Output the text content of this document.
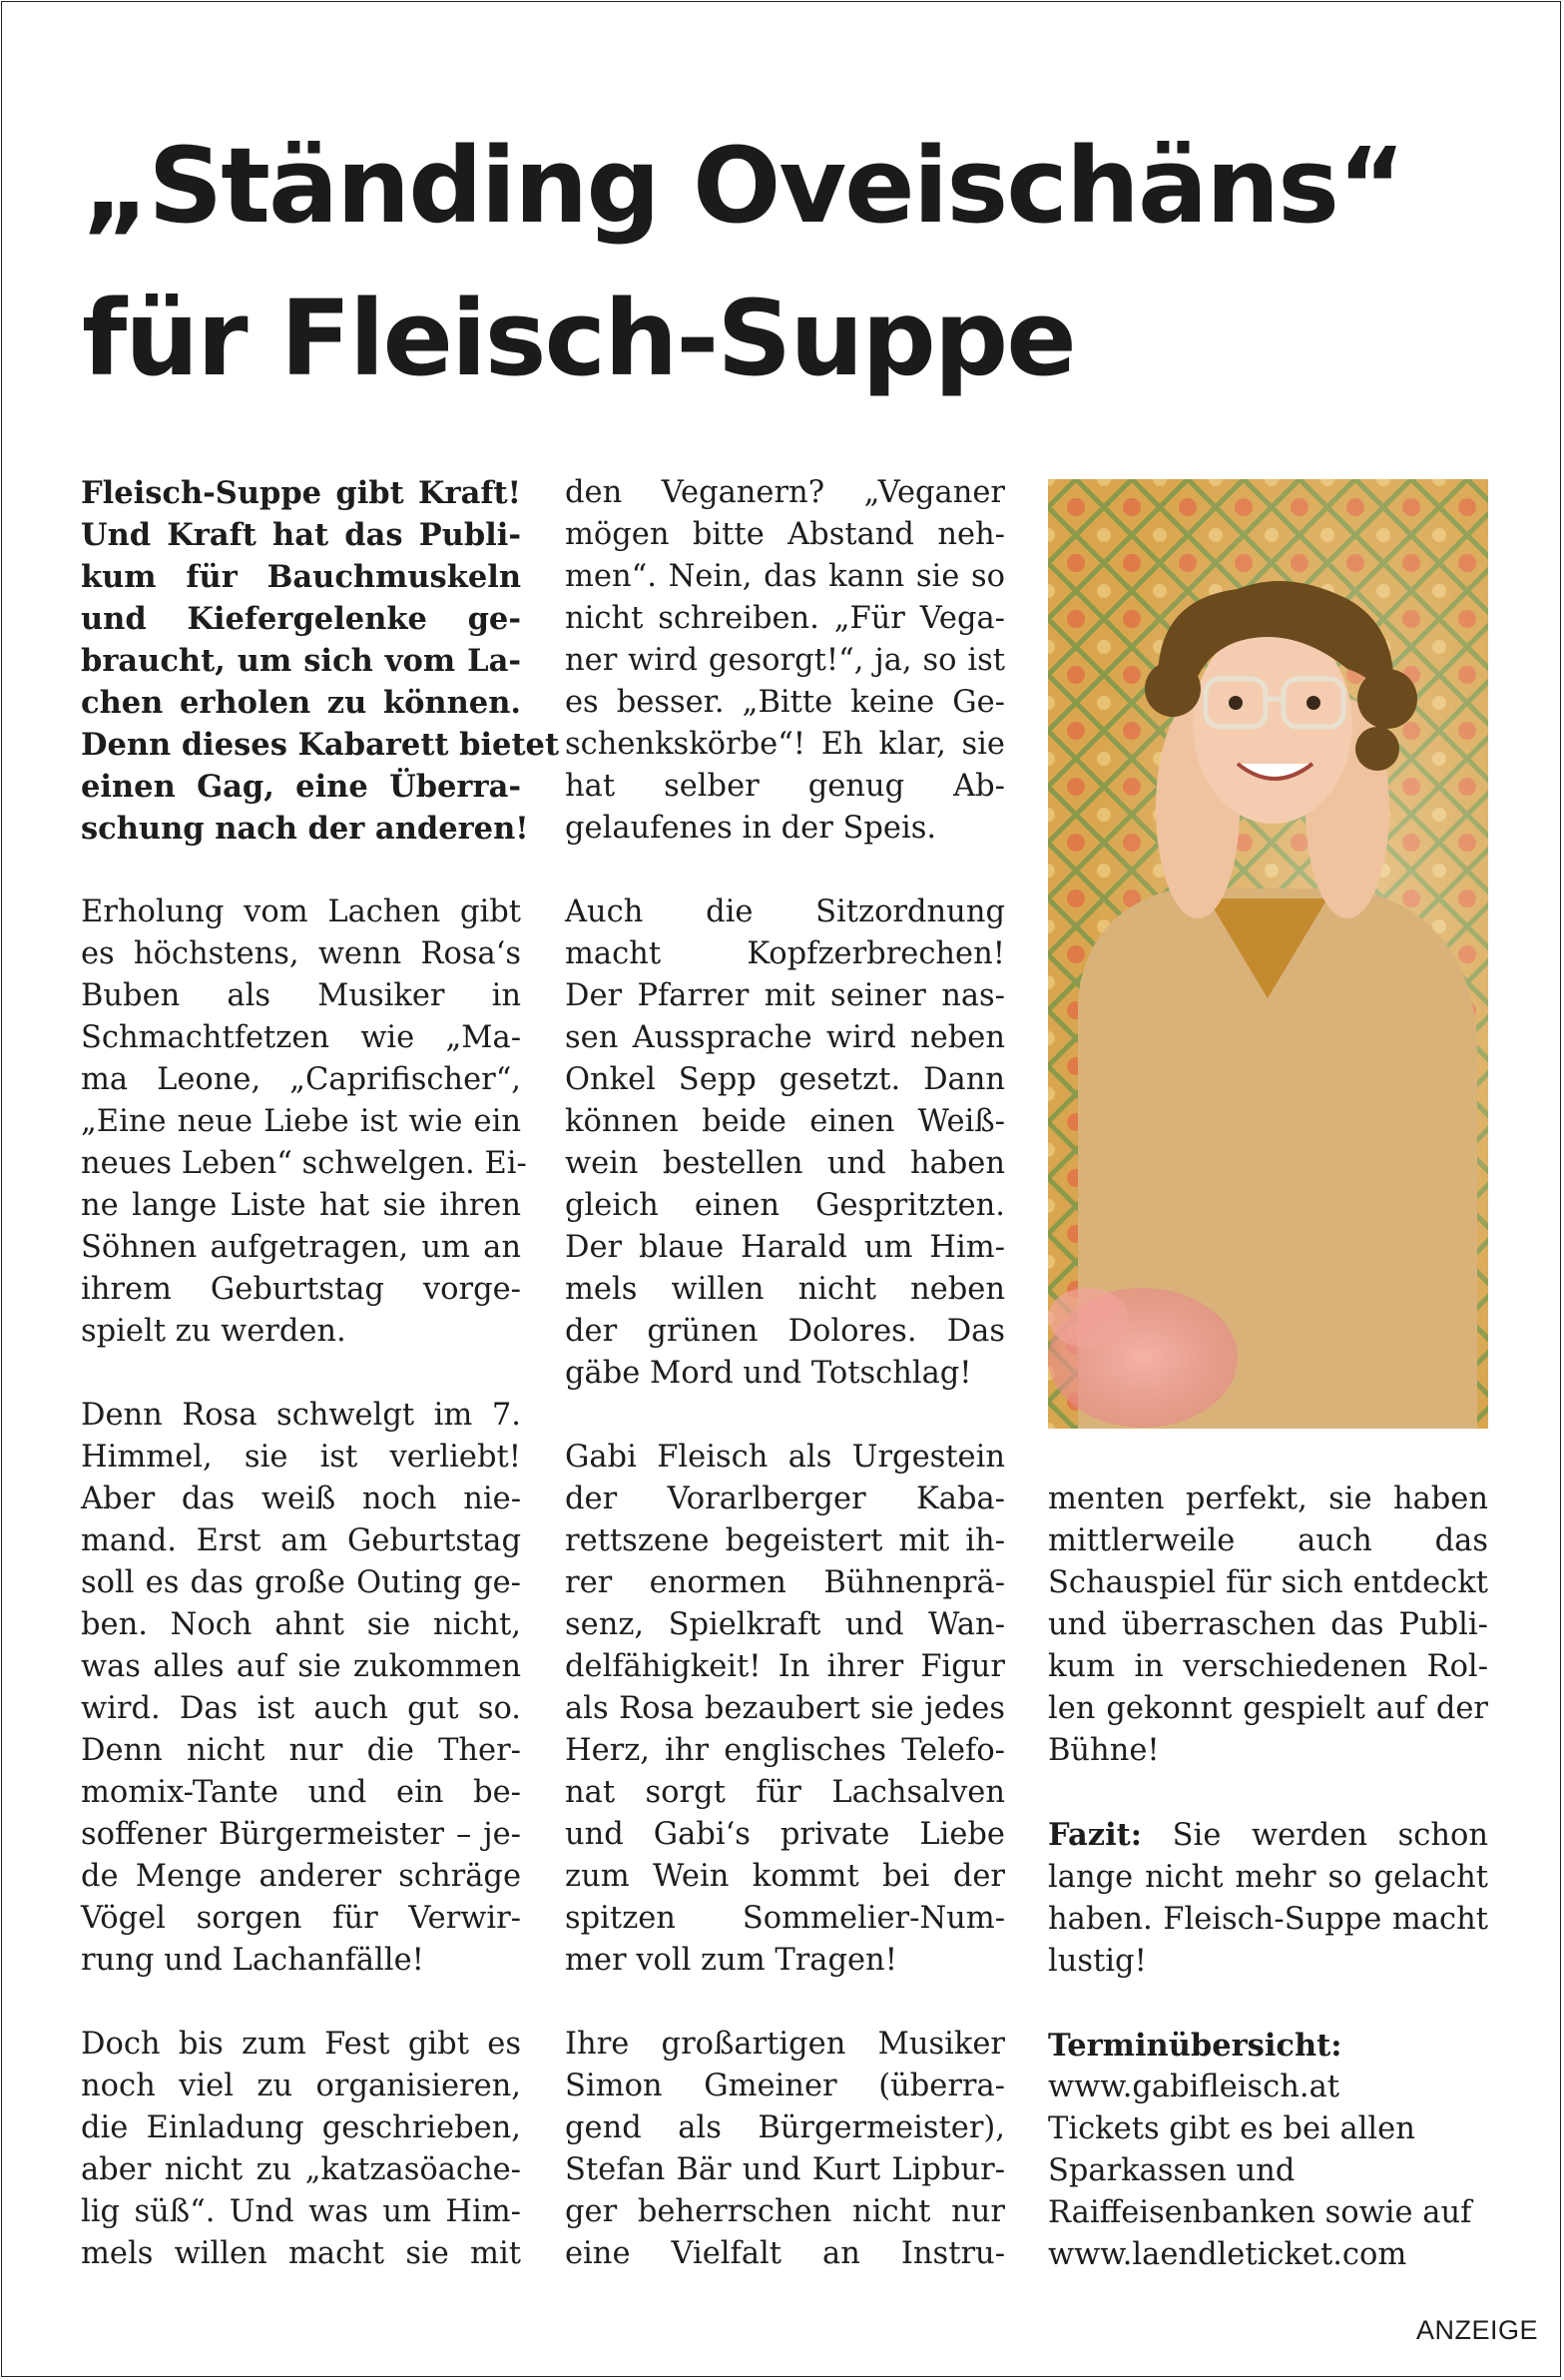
„Ständing Oveischäns“
für Fleisch-Suppe

Fleisch-Suppe gibt Kraft!
Und Kraft hat das Publi-
kum für Bauchmuskeln
und Kiefergelenke ge-
braucht, um sich vom La-
chen erholen zu können.
Denn dieses Kabarett bietet
einen Gag, eine Überra-
schung nach der anderen!

Erholung vom Lachen gibt
es höchstens, wenn Rosa‘s
Buben als Musiker in
Schmachtfetzen wie „Ma-
ma Leone, „Caprifischer“,
„Eine neue Liebe ist wie ein
neues Leben“ schwelgen. Ei-
ne lange Liste hat sie ihren
Söhnen aufgetragen, um an
ihrem Geburtstag vorge-
spielt zu werden.

Denn Rosa schwelgt im 7.
Himmel, sie ist verliebt!
Aber das weiß noch nie-
mand. Erst am Geburtstag
soll es das große Outing ge-
ben. Noch ahnt sie nicht,
was alles auf sie zukommen
wird. Das ist auch gut so.
Denn nicht nur die Ther-
momix-Tante und ein be-
soffener Bürgermeister – je-
de Menge anderer schräge
Vögel sorgen für Verwir-
rung und Lachanfälle!

Doch bis zum Fest gibt es
noch viel zu organisieren,
die Einladung geschrieben,
aber nicht zu „katzasöache-
lig süß“. Und was um Him-
mels willen macht sie mit

den Veganern? „Veganer
mögen bitte Abstand neh-
men“. Nein, das kann sie so
nicht schreiben. „Für Vega-
ner wird gesorgt!“, ja, so ist
es besser. „Bitte keine Ge-
schenkskörbe“! Eh klar, sie
hat selber genug Ab-
gelaufenes in der Speis.

Auch die Sitzordnung
macht Kopfzerbrechen!
Der Pfarrer mit seiner nas-
sen Aussprache wird neben
Onkel Sepp gesetzt. Dann
können beide einen Weiß-
wein bestellen und haben
gleich einen Gespritzten.
Der blaue Harald um Him-
mels willen nicht neben
der grünen Dolores. Das
gäbe Mord und Totschlag!

Gabi Fleisch als Urgestein
der Vorarlberger Kaba-
rettszene begeistert mit ih-
rer enormen Bühnenprä-
senz, Spielkraft und Wan-
delfähigkeit! In ihrer Figur
als Rosa bezaubert sie jedes
Herz, ihr englisches Telefo-
nat sorgt für Lachsalven
und Gabi‘s private Liebe
zum Wein kommt bei der
spitzen Sommelier-Num-
mer voll zum Tragen!

Ihre großartigen Musiker
Simon Gmeiner (überra-
gend als Bürgermeister),
Stefan Bär und Kurt Lipbur-
ger beherrschen nicht nur
eine Vielfalt an Instru-

menten perfekt, sie haben
mittlerweile auch das
Schauspiel für sich entdeckt
und überraschen das Publi-
kum in verschiedenen Rol-
len gekonnt gespielt auf der
Bühne!

Fazit: Sie werden schon
lange nicht mehr so gelacht
haben. Fleisch-Suppe macht
lustig!

Terminübersicht:
www.gabifleisch.at
Tickets gibt es bei allen
Sparkassen und
Raiffeisenbanken sowie auf
www.laendleticket.com

ANZEIGE
